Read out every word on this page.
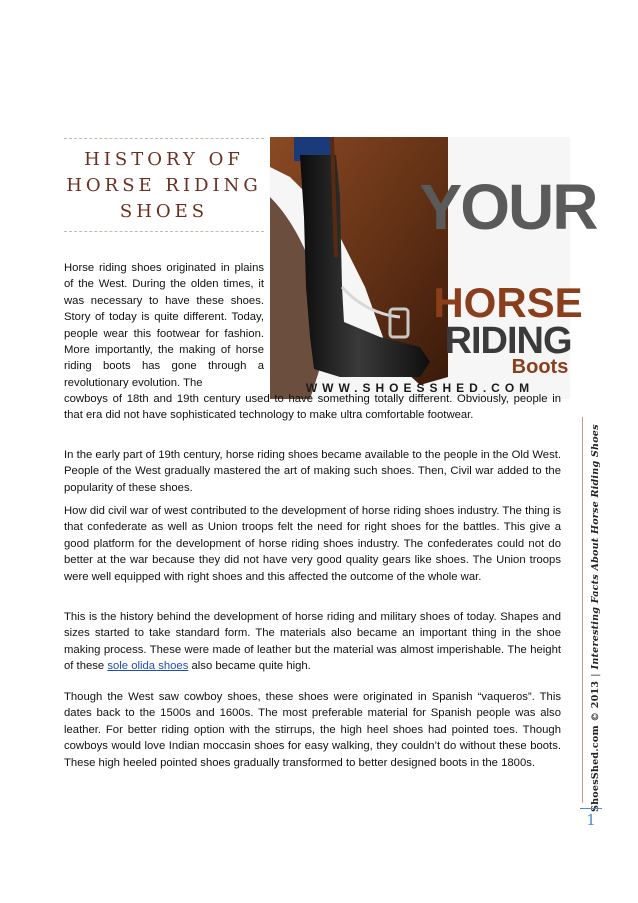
HISTORY OF
HORSE RIDING
SHOES	YOUR
HORSE
RIDING
Boots
WWW.SHOESSHED.COM

Horse riding shoes originated in plains of the West. During the olden times, it was necessary to have these shoes. Story of today is quite different. Today, people wear this footwear for fashion. More importantly, the making of horse riding boots has gone through a revolutionary evolution. The

cowboys of 18th and 19th century used to have something totally different. Obviously, people in that era did not have sophisticated technology to make ultra comfortable footwear.

In the early part of 19th century, horse riding shoes became available to the people in the Old West. People of the West gradually mastered the art of making such shoes. Then, Civil war added to the popularity of these shoes.

How did civil war of west contributed to the development of horse riding shoes industry. The thing is that confederate as well as Union troops felt the need for right shoes for the battles. This give a good platform for the development of horse riding shoes industry. The confederates could not do better at the war because they did not have very good quality gears like shoes. The Union troops were well equipped with right shoes and this affected the outcome of the whole war.

This is the history behind the development of horse riding and military shoes of today. Shapes and sizes started to take standard form. The materials also became an important thing in the shoe making process. These were made of leather but the material was almost imperishable. The height of these sole olida shoes also became quite high.

Though the West saw cowboy shoes, these shoes were originated in Spanish “vaqueros”. This dates back to the 1500s and 1600s. The most preferable material for Spanish people was also leather. For better riding option with the stirrups, the high heel shoes had pointed toes. Though cowboys would love Indian moccasin shoes for easy walking, they couldn’t do without these boots. These high heeled pointed shoes gradually transformed to better designed boots in the 1800s.	ShoesShed.com © 2013|Interesting Facts About Horse Riding Shoes
1
